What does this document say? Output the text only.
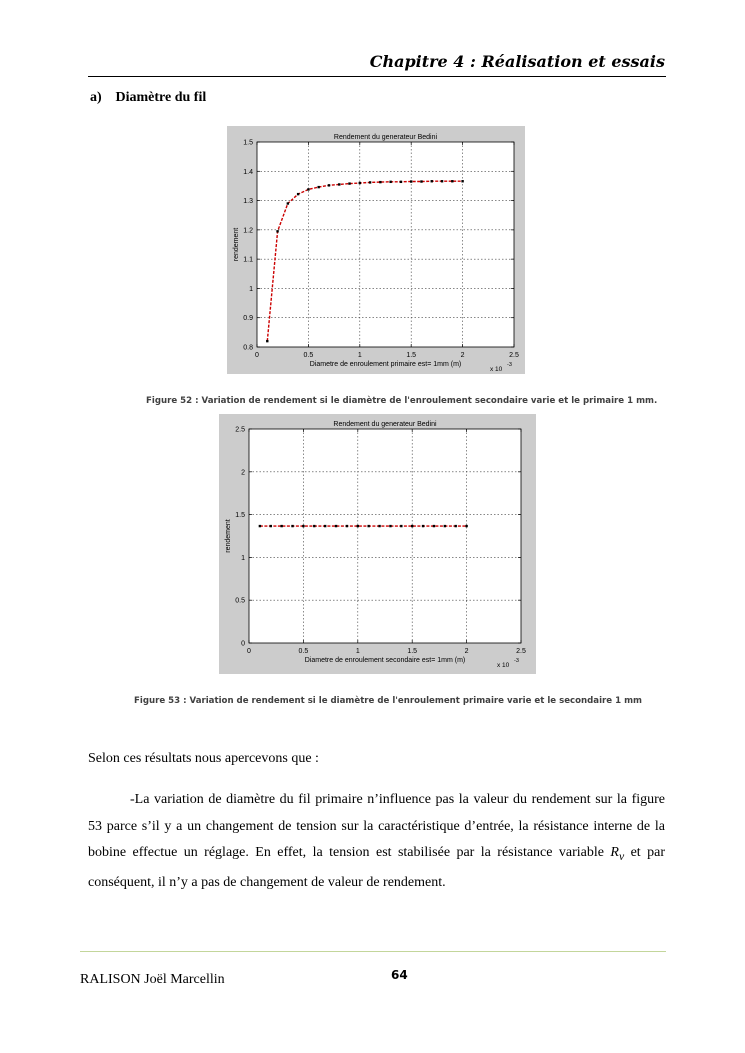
Chapitre 4 : Réalisation et essais
a) Diamètre du fil
0	0.5	1	1.5	2	2.5
0.8
0.9
1
1.1
1.2
1.3
1.4
1.5
Rendement du generateur Bedini
Diametre de enroulement primaire est= 1mm (m)
rendement
x 10
-3
Figure 52 : Variation de rendement si le diamètre de l'enroulement secondaire varie et le primaire 1 mm.
0	0.5	1	1.5	2	2.5
0
0.5
1
1.5
2
2.5
Rendement du generateur Bedini
Diametre de enroulement secondaire est= 1mm (m)
rendement
x 10
-3
Figure 53 : Variation de rendement si le diamètre de l'enroulement primaire varie et le secondaire 1 mm
Selon ces résultats nous apercevons que :
-La variation de diamètre du fil primaire n’influence pas la valeur du rendement sur la figure 53 parce s’il y a un changement de tension sur la caractéristique d’entrée, la résistance interne de la bobine effectue un réglage. En effet, la tension est stabilisée par la résistance variable $R_v$ et par conséquent, il n’y a pas de changement de valeur de rendement.
RALISON Joël Marcellin	64
